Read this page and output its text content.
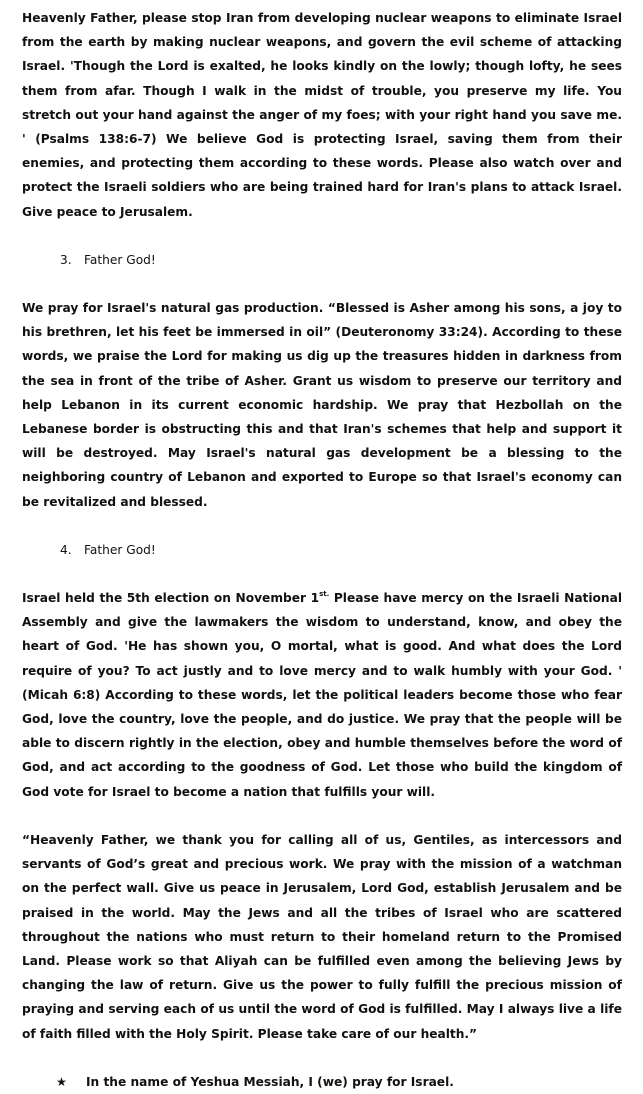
Heavenly Father, please stop Iran from developing nuclear weapons to eliminate Israel from the earth by making nuclear weapons, and govern the evil scheme of attacking Israel. 'Though the Lord is exalted, he looks kindly on the lowly; though lofty, he sees them from afar. Though I walk in the midst of trouble, you preserve my life. You stretch out your hand against the anger of my foes; with your right hand you save me. ' (Psalms 138:6-7) We believe God is protecting Israel, saving them from their enemies, and protecting them according to these words. Please also watch over and protect the Israeli soldiers who are being trained hard for Iran's plans to attack Israel. Give peace to Jerusalem.

3. Father God!

We pray for Israel's natural gas production. “Blessed is Asher among his sons, a joy to his brethren, let his feet be immersed in oil” (Deuteronomy 33:24). According to these words, we praise the Lord for making us dig up the treasures hidden in darkness from the sea in front of the tribe of Asher. Grant us wisdom to preserve our territory and help Lebanon in its current economic hardship. We pray that Hezbollah on the Lebanese border is obstructing this and that Iran's schemes that help and support it will be destroyed. May Israel's natural gas development be a blessing to the neighboring country of Lebanon and exported to Europe so that Israel's economy can be revitalized and blessed.

4. Father God!

Israel held the 5th election on November $1^{st.}$ Please have mercy on the Israeli National Assembly and give the lawmakers the wisdom to understand, know, and obey the heart of God. 'He has shown you, O mortal, what is good. And what does the Lord require of you? To act justly and to love mercy and to walk humbly with your God. ' (Micah 6:8) According to these words, let the political leaders become those who fear God, love the country, love the people, and do justice. We pray that the people will be able to discern rightly in the election, obey and humble themselves before the word of God, and act according to the goodness of God. Let those who build the kingdom of God vote for Israel to become a nation that fulfills your will.

“Heavenly Father, we thank you for calling all of us, Gentiles, as intercessors and servants of God’s great and precious work. We pray with the mission of a watchman on the perfect wall. Give us peace in Jerusalem, Lord God, establish Jerusalem and be praised in the world. May the Jews and all the tribes of Israel who are scattered throughout the nations who must return to their homeland return to the Promised Land. Please work so that Aliyah can be fulfilled even among the believing Jews by changing the law of return. Give us the power to fully fulfill the precious mission of praying and serving each of us until the word of God is fulfilled. May I always live a life of faith filled with the Holy Spirit. Please take care of our health.”

★ In the name of Yeshua Messiah, I (we) pray for Israel.
